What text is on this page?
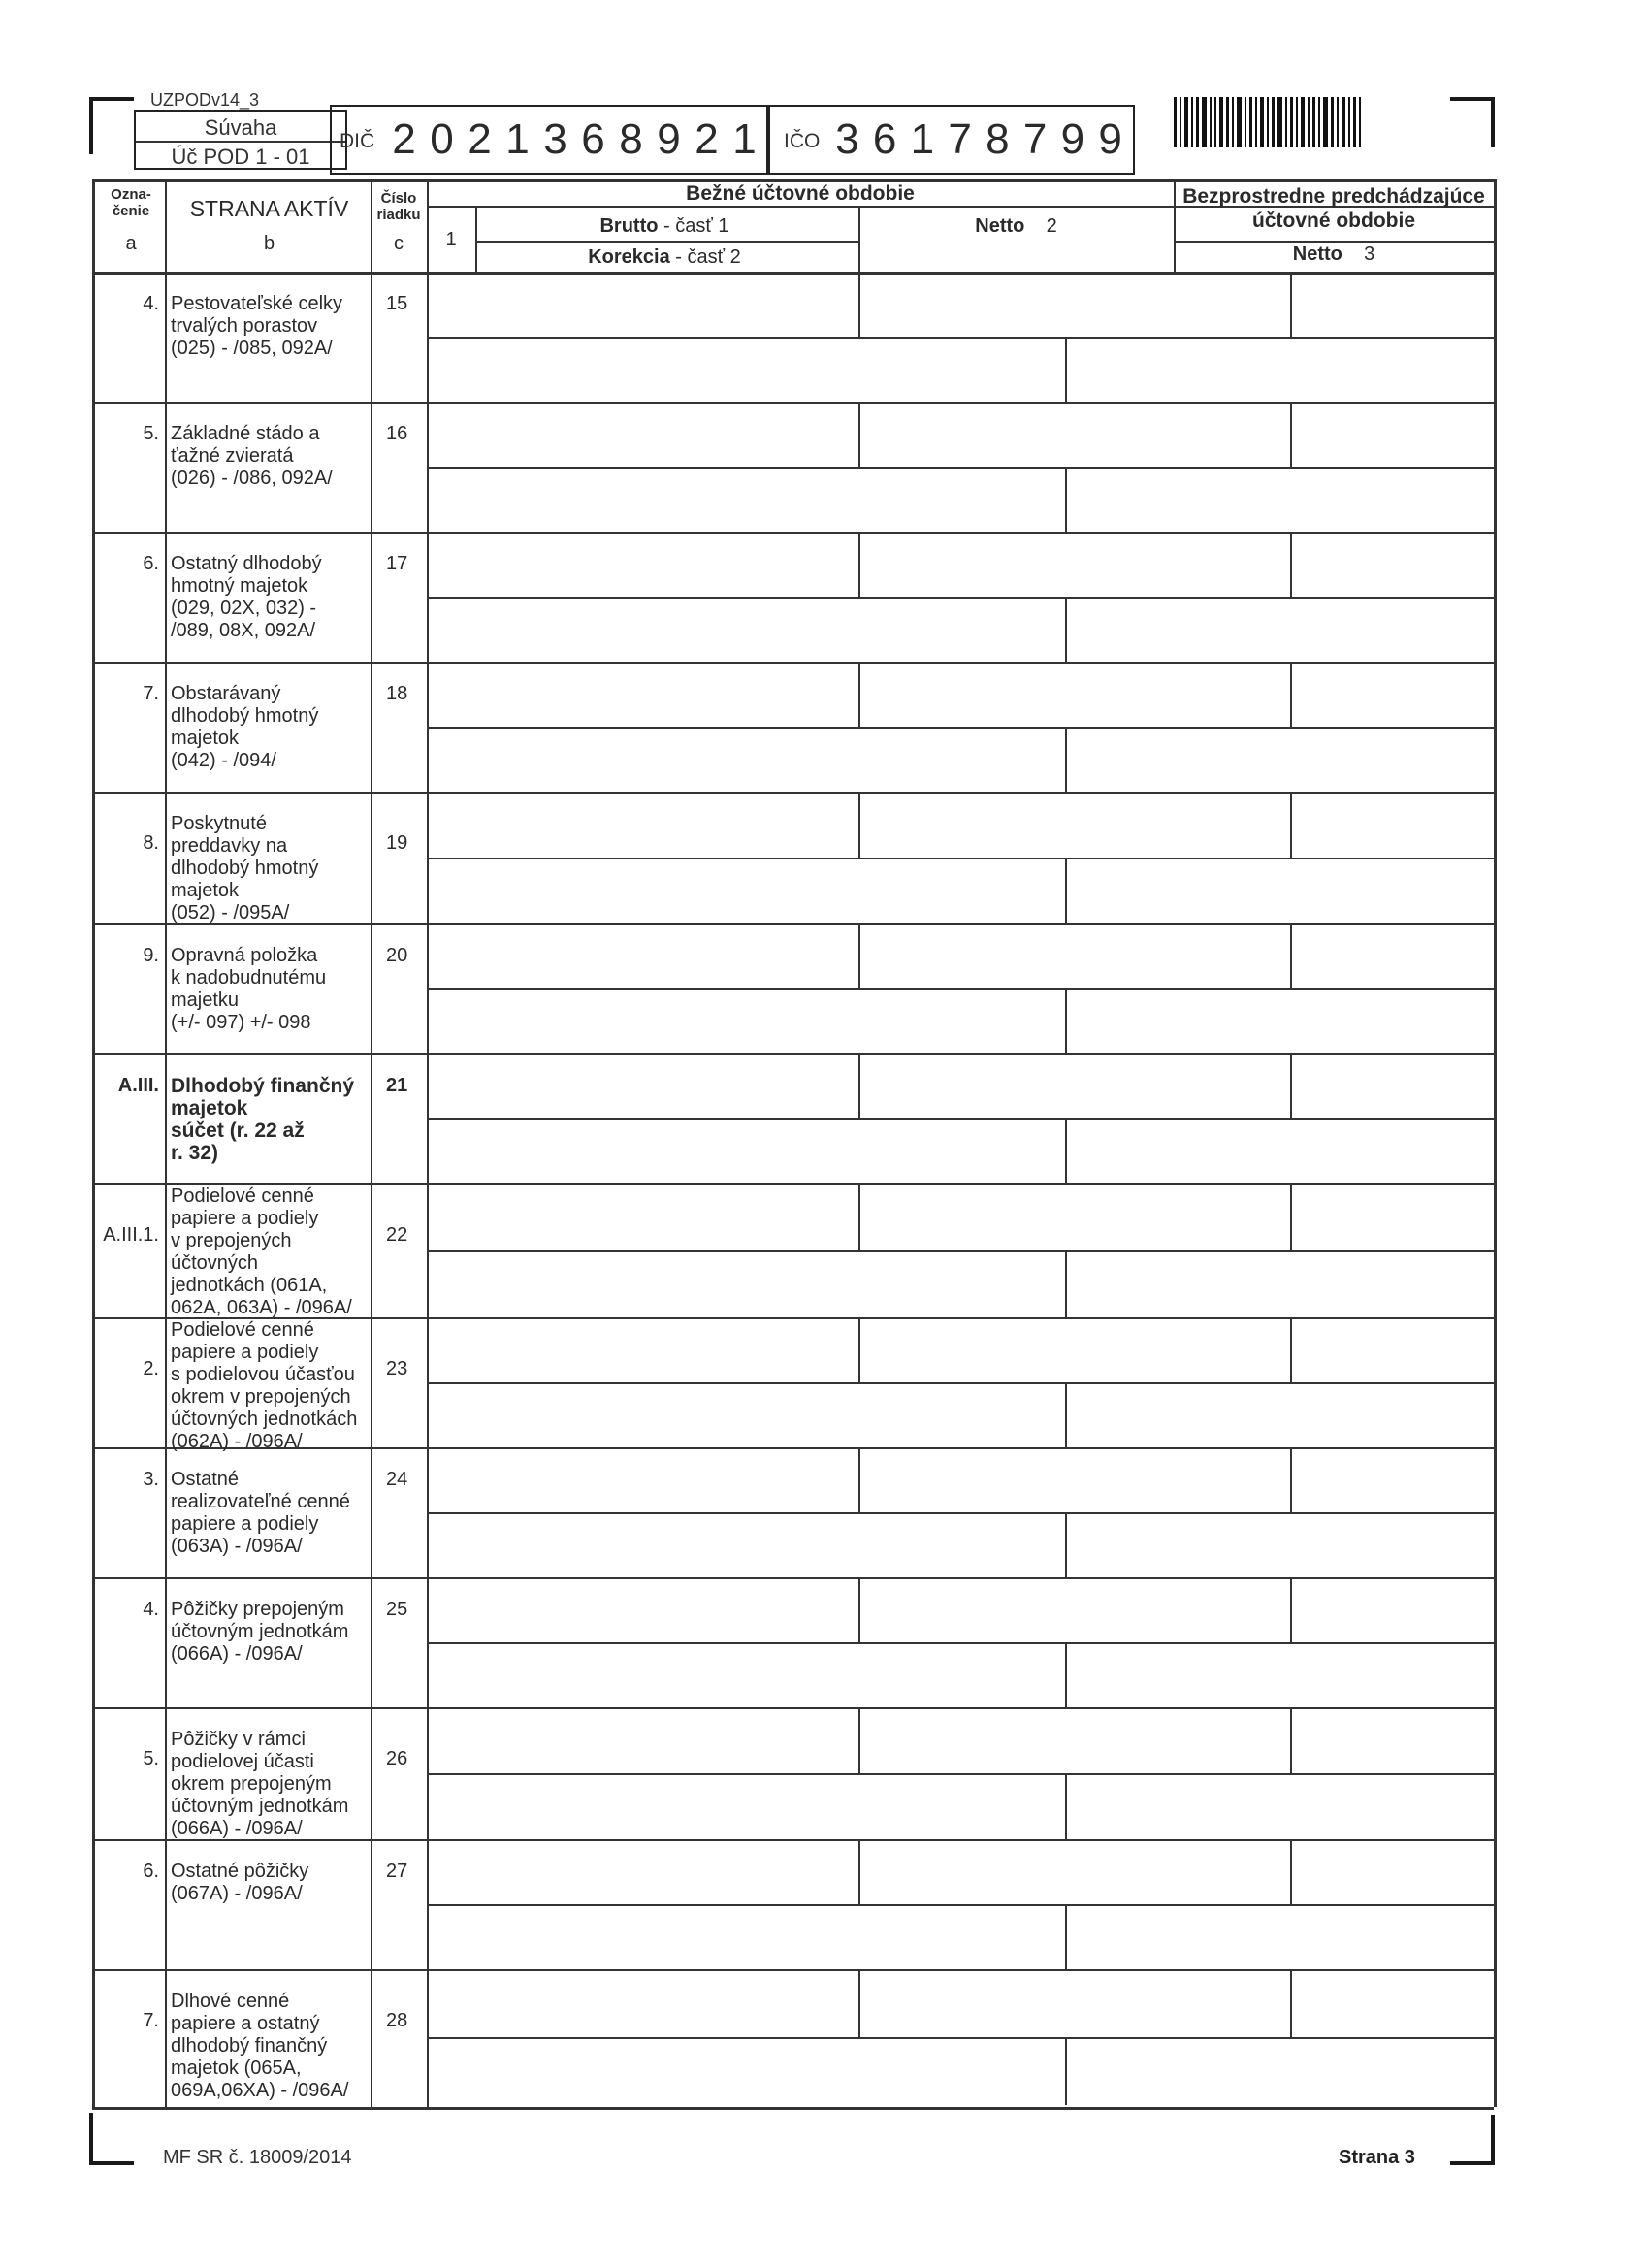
UZPODv14_3
Súvaha
Úč POD 1 - 01
DIČ 2 0 2 1 3 6 8 9 2 1	IČO 3 6 1 7 8 7 9 9
Ozna-
čenie
a
STRANA AKTÍV
b
Číslo
riadku
c
Bežné účtovné obdobie
1
Brutto - časť 1
Korekcia - časť 2
Netto 2
Bezprostredne predchádzajúce
účtovné obdobie
Netto 3
4. Pestovateľské celky
trvalých porastov
(025) - /085, 092A/
15
5. Základné stádo a
ťažné zvieratá
(026) - /086, 092A/
16
6. Ostatný dlhodobý
hmotný majetok
(029, 02X, 032) -
/089, 08X, 092A/
17
7. Obstarávaný
dlhodobý hmotný
majetok
(042) - /094/
18
8.
Poskytnuté
preddavky na
dlhodobý hmotný
majetok
(052) - /095A/
19
9. Opravná položka
k nadobudnutému
majetku
(+/- 097) +/- 098
20
A.III. Dlhodobý finančný
majetok
súčet (r. 22 až
r. 32)
21
A.III.1.
Podielové cenné
papiere a podiely
v prepojených
účtovných
jednotkách (061A,
062A, 063A) - /096A/
22
2.
Podielové cenné
papiere a podiely
s podielovou účasťou
okrem v prepojených
účtovných jednotkách
(062A) - /096A/
23
3. Ostatné
realizovateľné cenné
papiere a podiely
(063A) - /096A/
24
4. Pôžičky prepojeným
účtovným jednotkám
(066A) - /096A/
25
5.
Pôžičky v rámci
podielovej účasti
okrem prepojeným
účtovným jednotkám
(066A) - /096A/
26
6. Ostatné pôžičky
(067A) - /096A/
27
7.
Dlhové cenné
papiere a ostatný
dlhodobý finančný
majetok (065A,
069A,06XA) - /096A/
28
MF SR č. 18009/2014	Strana 3
